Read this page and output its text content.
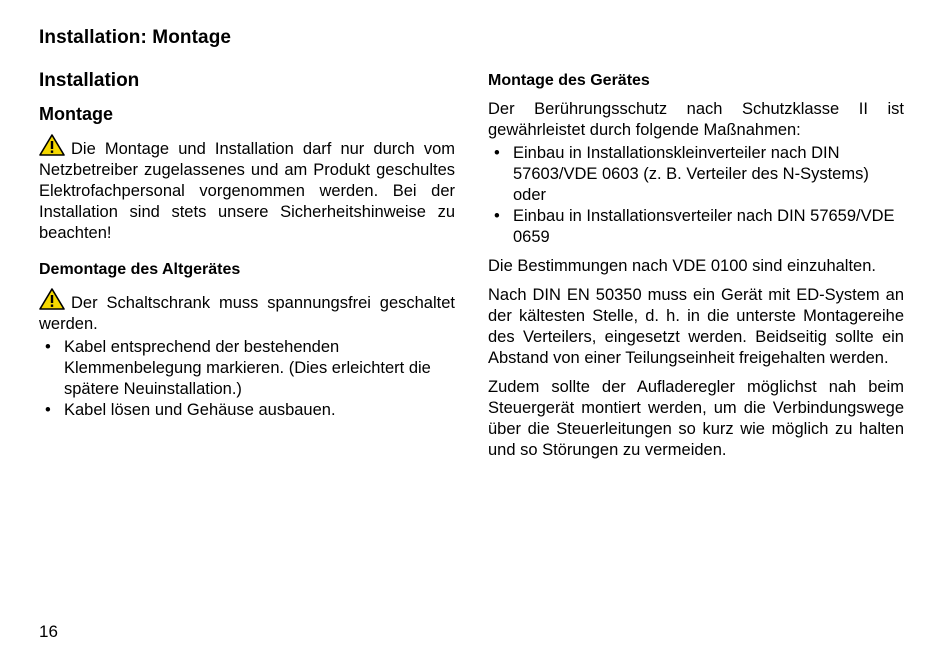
Installation: Montage
Installation
Montage

Die Montage und Installation darf nur durch vom Netzbetreiber zugelassenes und am Produkt geschultes Elektrofachpersonal vorgenommen werden. Bei der Installation sind stets unsere Sicherheitshinweise zu beachten!

Demontage des Altgerätes

Der Schaltschrank muss spannungsfrei geschaltet werden.

• Kabel entsprechend der bestehenden Klemmenbelegung markieren. (Dies erleichtert die spätere Neuinstallation.)
• Kabel lösen und Gehäuse ausbauen.
Montage des Gerätes

Der Berührungsschutz nach Schutzklasse II ist gewährleistet durch folgende Maßnahmen:

• Einbau in Installationskleinverteiler nach DIN 57603/VDE 0603 (z. B. Verteiler des N-Systems) oder
• Einbau in Installationsverteiler nach DIN 57659/VDE 0659

Die Bestimmungen nach VDE 0100 sind einzuhalten.

Nach DIN EN 50350 muss ein Gerät mit ED-System an der kältesten Stelle, d. h. in die unterste Montagereihe des Verteilers, eingesetzt werden. Beidseitig sollte ein Abstand von einer Teilungseinheit freigehalten werden.

Zudem sollte der Aufladeregler möglichst nah beim Steuergerät montiert werden, um die Verbindungswege über die Steuerleitungen so kurz wie möglich zu halten und so Störungen zu vermeiden.

16
